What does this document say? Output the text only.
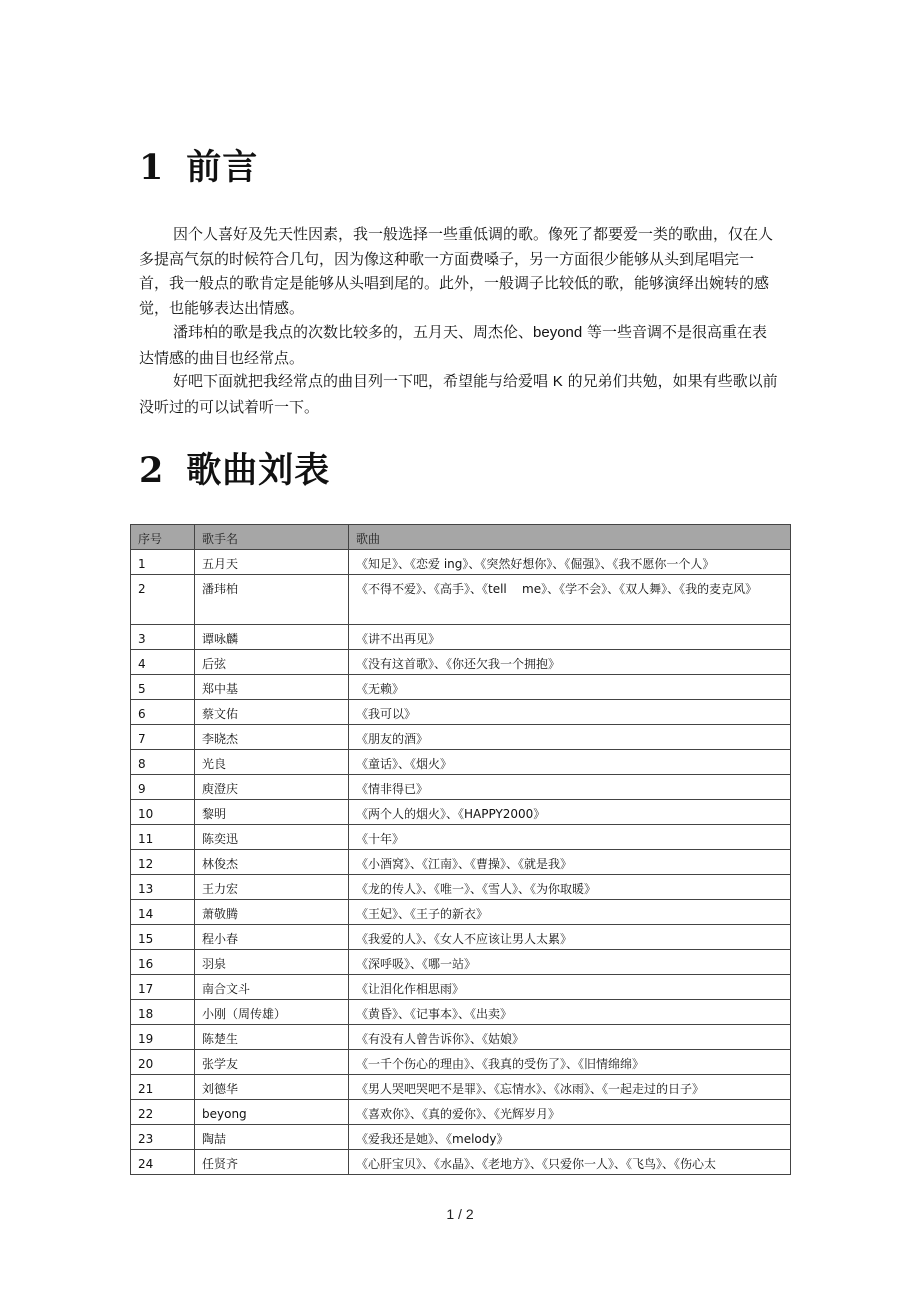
1 前言

因个人喜好及先天性因素，我一般选择一些重低调的歌。像死了都要爱一类的歌曲，仅在人多提高气氛的时候符合几句，因为像这种歌一方面费嗓子，另一方面很少能够从头到尾唱完一首，我一般点的歌肯定是能够从头唱到尾的。此外，一般调子比较低的歌，能够演绎出婉转的感觉，也能够表达出情感。

潘玮柏的歌是我点的次数比较多的，五月天、周杰伦、beyond 等一些音调不是很高重在表达情感的曲目也经常点。

好吧下面就把我经常点的曲目列一下吧，希望能与给爱唱 K 的兄弟们共勉，如果有些歌以前没听过的可以试着听一下。

2 歌曲刘表
序号	歌手名	歌曲
1	五月天	《知足》、《恋爱 ing》、《突然好想你》、《倔强》、《我不愿你一个人》
2	潘玮柏	《不得不爱》、《高手》、《tell    me》、《学不会》、《双人舞》、《我的麦克风》
3	谭咏麟	《讲不出再见》
4	后弦	《没有这首歌》、《你还欠我一个拥抱》
5	郑中基	《无赖》
6	蔡文佑	《我可以》
7	李晓杰	《朋友的酒》
8	光良	《童话》、《烟火》
9	庾澄庆	《情非得已》
10	黎明	《两个人的烟火》、《HAPPY2000》
11	陈奕迅	《十年》
12	林俊杰	《小酒窝》、《江南》、《曹操》、《就是我》
13	王力宏	《龙的传人》、《唯一》、《雪人》、《为你取暖》
14	萧敬腾	《王妃》、《王子的新衣》
15	程小春	《我爱的人》、《女人不应该让男人太累》
16	羽泉	《深呼吸》、《哪一站》
17	南合文斗	《让泪化作相思雨》
18	小刚（周传雄）	《黄昏》、《记事本》、《出卖》
19	陈楚生	《有没有人曾告诉你》、《姑娘》
20	张学友	《一千个伤心的理由》、《我真的受伤了》、《旧情绵绵》
21	刘德华	《男人哭吧哭吧不是罪》、《忘情水》、《冰雨》、《一起走过的日子》
22	beyong	《喜欢你》、《真的爱你》、《光辉岁月》
23	陶喆	《爱我还是她》、《melody》
24	任贤齐	《心肝宝贝》、《水晶》、《老地方》、《只爱你一人》、《飞鸟》、《伤心太
1 / 2
